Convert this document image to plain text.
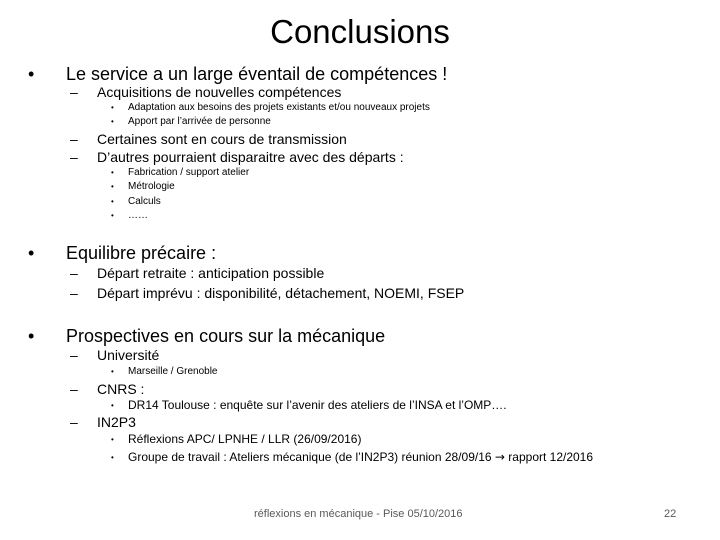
Conclusions
• Le service a un large éventail de compétences !
– Acquisitions de nouvelles compétences
• Adaptation aux besoins des projets existants et/ou nouveaux projets
• Apport par l’arrivée de personne
– Certaines sont en cours de transmission
– D’autres pourraient disparaitre avec des départs :
• Fabrication / support atelier
• Métrologie
• Calculs
• ……
• Equilibre précaire :
– Départ retraite : anticipation possible
– Départ imprévu : disponibilité, détachement, NOEMI, FSEP
• Prospectives en cours sur la mécanique
– Université
• Marseille / Grenoble
– CNRS :
• DR14 Toulouse : enquête sur l’avenir des ateliers de l’INSA et l’OMP….
– IN2P3
• Réflexions APC/ LPNHE / LLR (26/09/2016)
• Groupe de travail : Ateliers mécanique (de l’IN2P3) réunion 28/09/16 → rapport 12/2016
réflexions en mécanique - Pise 05/10/2016	22
